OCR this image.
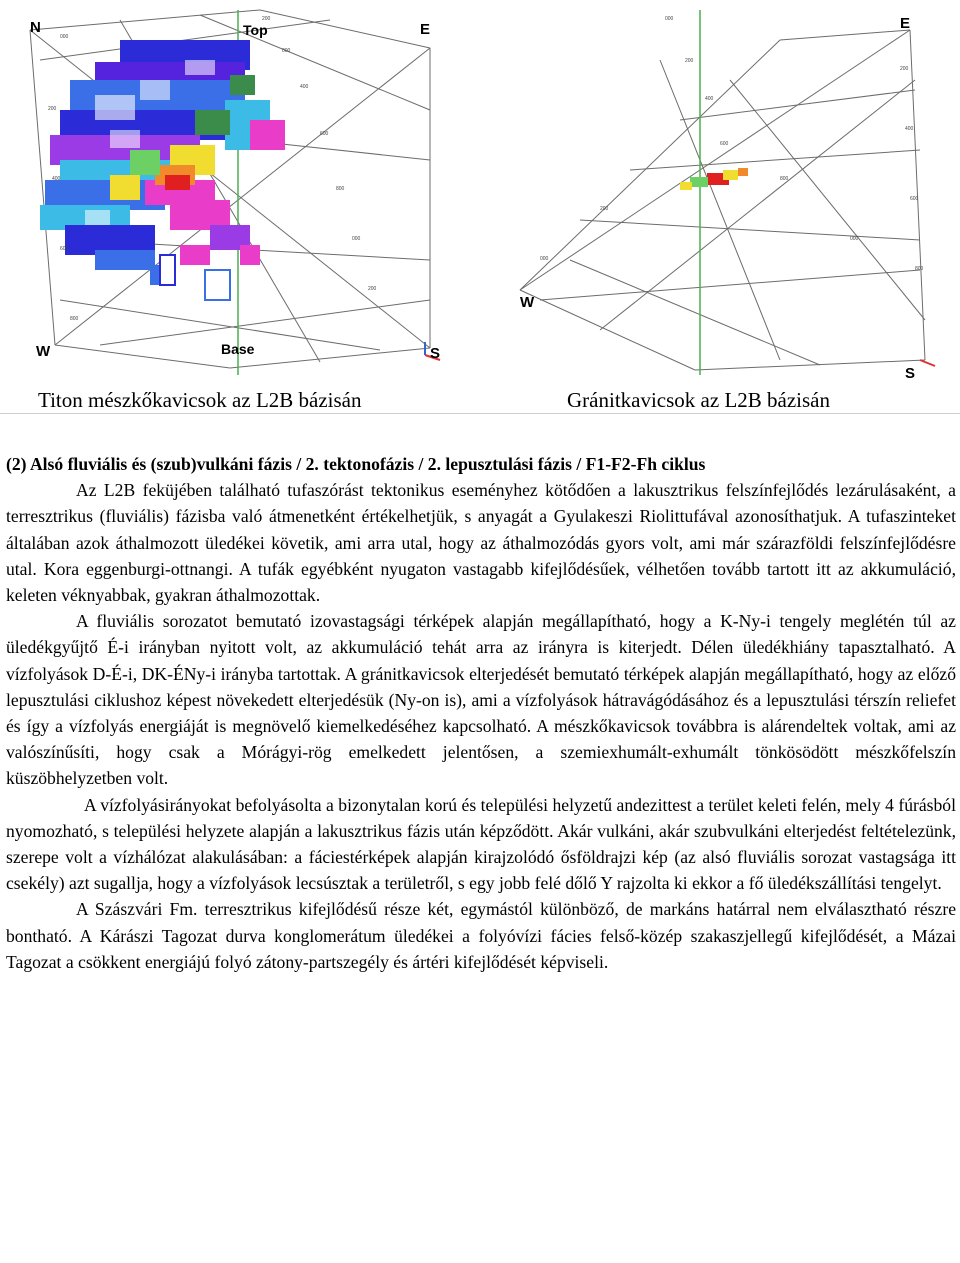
200
000
400
600
800
000
200
000
200
400
600
800
N	E
W	S
Top
Base
Titon mészkőkavicsok az L2B bázisán
000
200
400
600
800
000
200
400
600
800
000
200
E
W
S
Gránitkavicsok az L2B bázisán

(2) Alsó fluviális és (szub)vulkáni fázis / 2. tektonofázis / 2. lepusztulási fázis / F1-F2-Fh ciklus

Az L2B feküjében található tufaszórást tektonikus eseményhez kötődően a lakusztrikus felszínfejlődés lezárulásaként, a terresztrikus (fluviális) fázisba való átmenetként értékelhetjük, s anyagát a Gyulakeszi Riolittufával azonosíthatjuk. A tufaszinteket általában azok áthalmozott üledékei követik, ami arra utal, hogy az áthalmozódás gyors volt, ami már szárazföldi felszínfejlődésre utal. Kora eggenburgi-ottnangi. A tufák egyébként nyugaton vastagabb kifejlődésűek, vélhetően tovább tartott itt az akkumuláció, keleten véknyabbak, gyakran áthalmozottak.

A fluviális sorozatot bemutató izovastagsági térképek alapján megállapítható, hogy a K-Ny-i tengely meglétén túl az üledékgyűjtő É-i irányban nyitott volt, az akkumuláció tehát arra az irányra is kiterjedt. Délen üledékhiány tapasztalható. A vízfolyások D-É-i, DK-ÉNy-i irányba tartottak. A gránitkavicsok elterjedését bemutató térképek alapján megállapítható, hogy az előző lepusztulási ciklushoz képest növekedett elterjedésük (Ny-on is), ami a vízfolyások hátravágódásához és a lepusztulási térszín reliefet és így a vízfolyás energiáját is megnövelő kiemelkedéséhez kapcsolható. A mészkőkavicsok továbbra is alárendeltek voltak, ami az valószínűsíti, hogy csak a Mórágyi-rög emelkedett jelentősen, a szemiexhumált-exhumált tönkösödött mészkőfelszín küszöbhelyzetben volt.

A vízfolyásirányokat befolyásolta a bizonytalan korú és települési helyzetű andezittest a terület keleti felén, mely 4 fúrásból nyomozható, s települési helyzete alapján a lakusztrikus fázis után képződött. Akár vulkáni, akár szubvulkáni elterjedést feltételezünk, szerepe volt a vízhálózat alakulásában: a fáciestérképek alapján kirajzolódó ősföldrajzi kép (az alsó fluviális sorozat vastagsága itt csekély) azt sugallja, hogy a vízfolyások lecsúsztak a területről, s egy jobb felé dőlő Y rajzolta ki ekkor a fő üledékszállítási tengelyt.

A Szászvári Fm. terresztrikus kifejlődésű része két, egymástól különböző, de markáns határral nem elválasztható részre bontható. A Kárászi Tagozat durva konglomerátum üledékei a folyóvízi fácies felső-közép szakaszjellegű kifejlődését, a Mázai Tagozat a csökkent energiájú folyó zátony-partszegély és ártéri kifejlődését képviseli.
